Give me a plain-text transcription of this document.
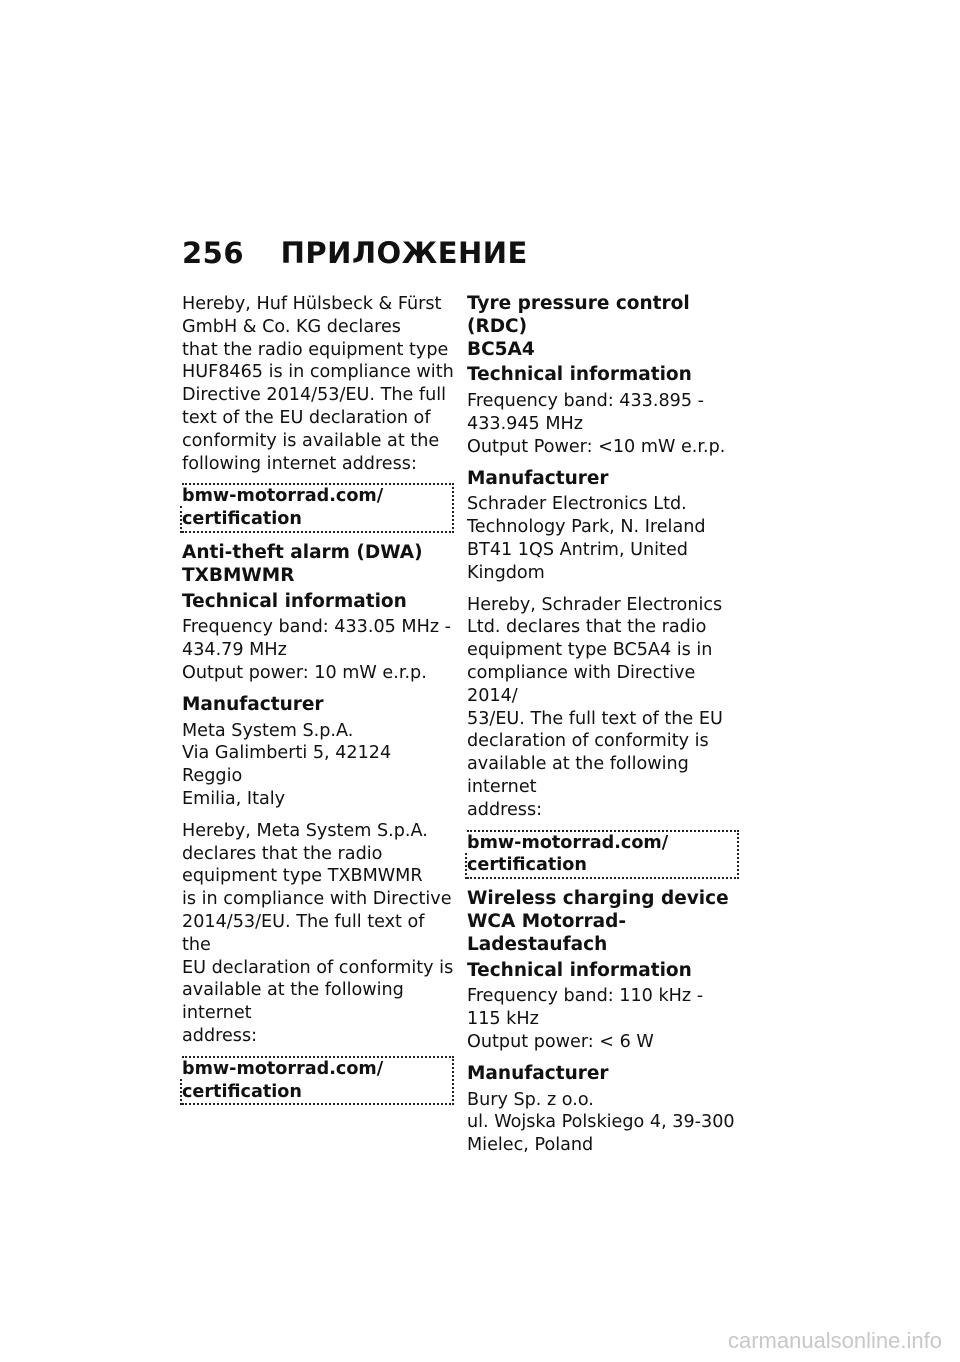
256 ПРИЛОЖЕНИЕ

Hereby, Huf Hülsbeck & Fürst
GmbH & Co. KG declares
that the radio equipment type
HUF8465 is in compliance with
Directive 2014/53/EU. The full
text of the EU declaration of
conformity is available at the
following internet address:

bmw-motorrad.com/
certification
Anti-theft alarm (DWA)
TXBMWMR
Technical information

Frequency band: 433.05 MHz -
434.79 MHz
Output power: 10 mW e.r.p.

Manufacturer

Meta System S.p.A.
Via Galimberti 5, 42124 Reggio
Emilia, Italy

Hereby, Meta System S.p.A.
declares that the radio
equipment type TXBMWMR
is in compliance with Directive
2014/53/EU. The full text of the
EU declaration of conformity is
available at the following internet
address:

bmw-motorrad.com/
certification
Tyre pressure control (RDC)
BC5A4
Technical information

Frequency band: 433.895 -
433.945 MHz
Output Power: <10 mW e.r.p.

Manufacturer

Schrader Electronics Ltd.
Technology Park, N. Ireland
BT41 1QS Antrim, United
Kingdom

Hereby, Schrader Electronics
Ltd. declares that the radio
equipment type BC5A4 is in
compliance with Directive 2014/
53/EU. The full text of the EU
declaration of conformity is
available at the following internet
address:

bmw-motorrad.com/
certification
Wireless charging device
WCA Motorrad-Ladestaufach
Technical information

Frequency band: 110 kHz -
115 kHz
Output power: < 6 W

Manufacturer

Bury Sp. z o.o.
ul. Wojska Polskiego 4, 39-300
Mielec, Poland

carmanualsonline.info
